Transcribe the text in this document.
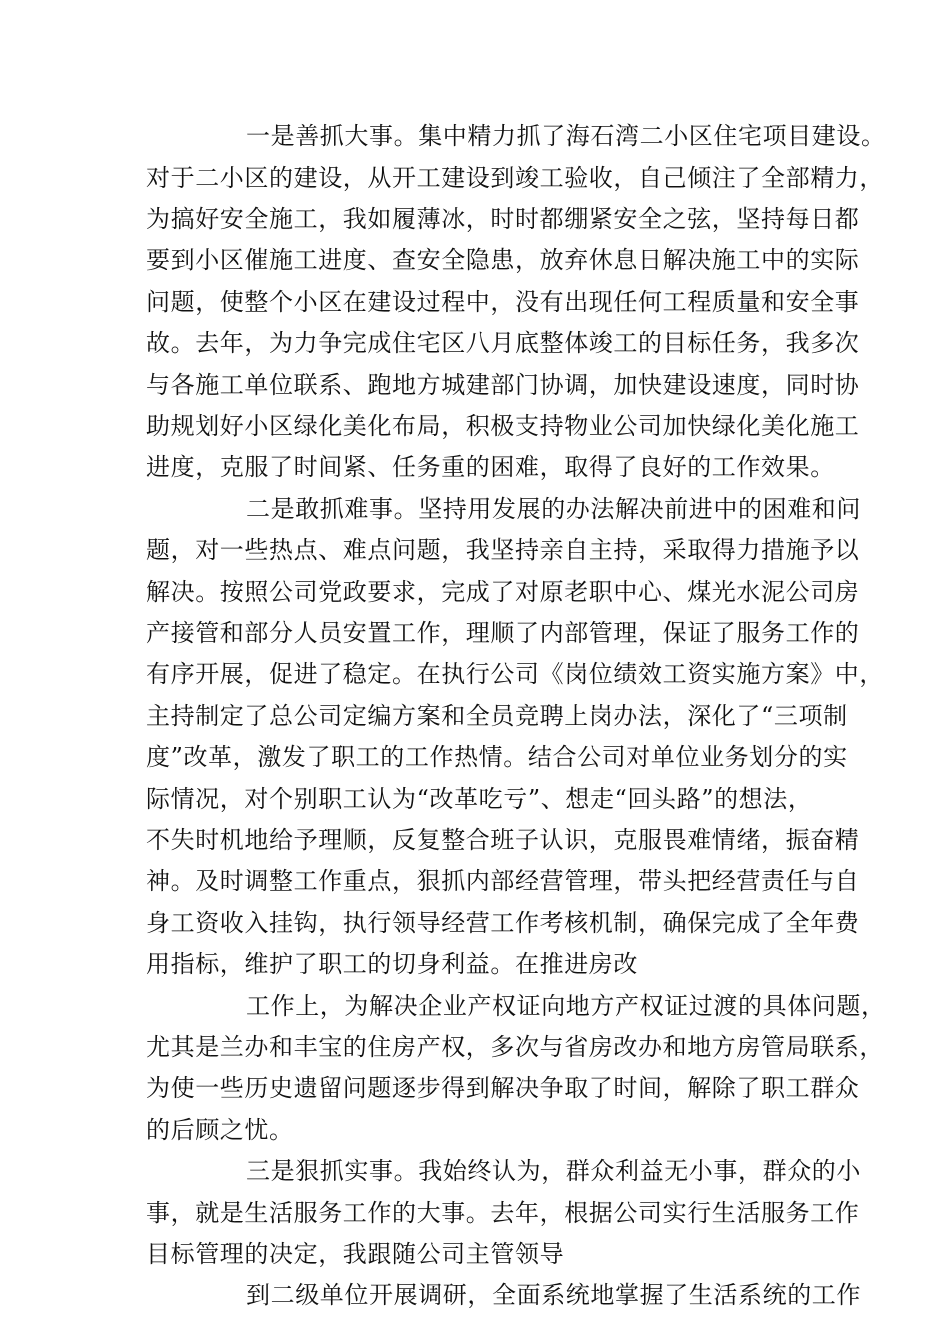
一是善抓大事。集中精力抓了海石湾二小区住宅项目建设。
对于二小区的建设，从开工建设到竣工验收，自己倾注了全部精力，
为搞好安全施工，我如履薄冰，时时都绷紧安全之弦，坚持每日都
要到小区催施工进度、查安全隐患，放弃休息日解决施工中的实际
问题，使整个小区在建设过程中，没有出现任何工程质量和安全事
故。去年，为力争完成住宅区八月底整体竣工的目标任务，我多次
与各施工单位联系、跑地方城建部门协调，加快建设速度，同时协
助规划好小区绿化美化布局，积极支持物业公司加快绿化美化施工
进度，克服了时间紧、任务重的困难，取得了良好的工作效果。
二是敢抓难事。坚持用发展的办法解决前进中的困难和问
题，对一些热点、难点问题，我坚持亲自主持，采取得力措施予以
解决。按照公司党政要求，完成了对原老职中心、煤光水泥公司房
产接管和部分人员安置工作，理顺了内部管理，保证了服务工作的
有序开展，促进了稳定。在执行公司《岗位绩效工资实施方案》中，
主持制定了总公司定编方案和全员竞聘上岗办法，深化了“三项制
度”改革，激发了职工的工作热情。结合公司对单位业务划分的实
际情况，对个别职工认为“改革吃亏”、想走“回头路”的想法，
不失时机地给予理顺，反复整合班子认识，克服畏难情绪，振奋精
神。及时调整工作重点，狠抓内部经营管理，带头把经营责任与自
身工资收入挂钩，执行领导经营工作考核机制，确保完成了全年费
用指标，维护了职工的切身利益。在推进房改
工作上，为解决企业产权证向地方产权证过渡的具体问题，
尤其是兰办和丰宝的住房产权，多次与省房改办和地方房管局联系，
为使一些历史遗留问题逐步得到解决争取了时间，解除了职工群众
的后顾之忧。
三是狠抓实事。我始终认为，群众利益无小事，群众的小
事，就是生活服务工作的大事。去年，根据公司实行生活服务工作
目标管理的决定，我跟随公司主管领导
到二级单位开展调研，全面系统地掌握了生活系统的工作
